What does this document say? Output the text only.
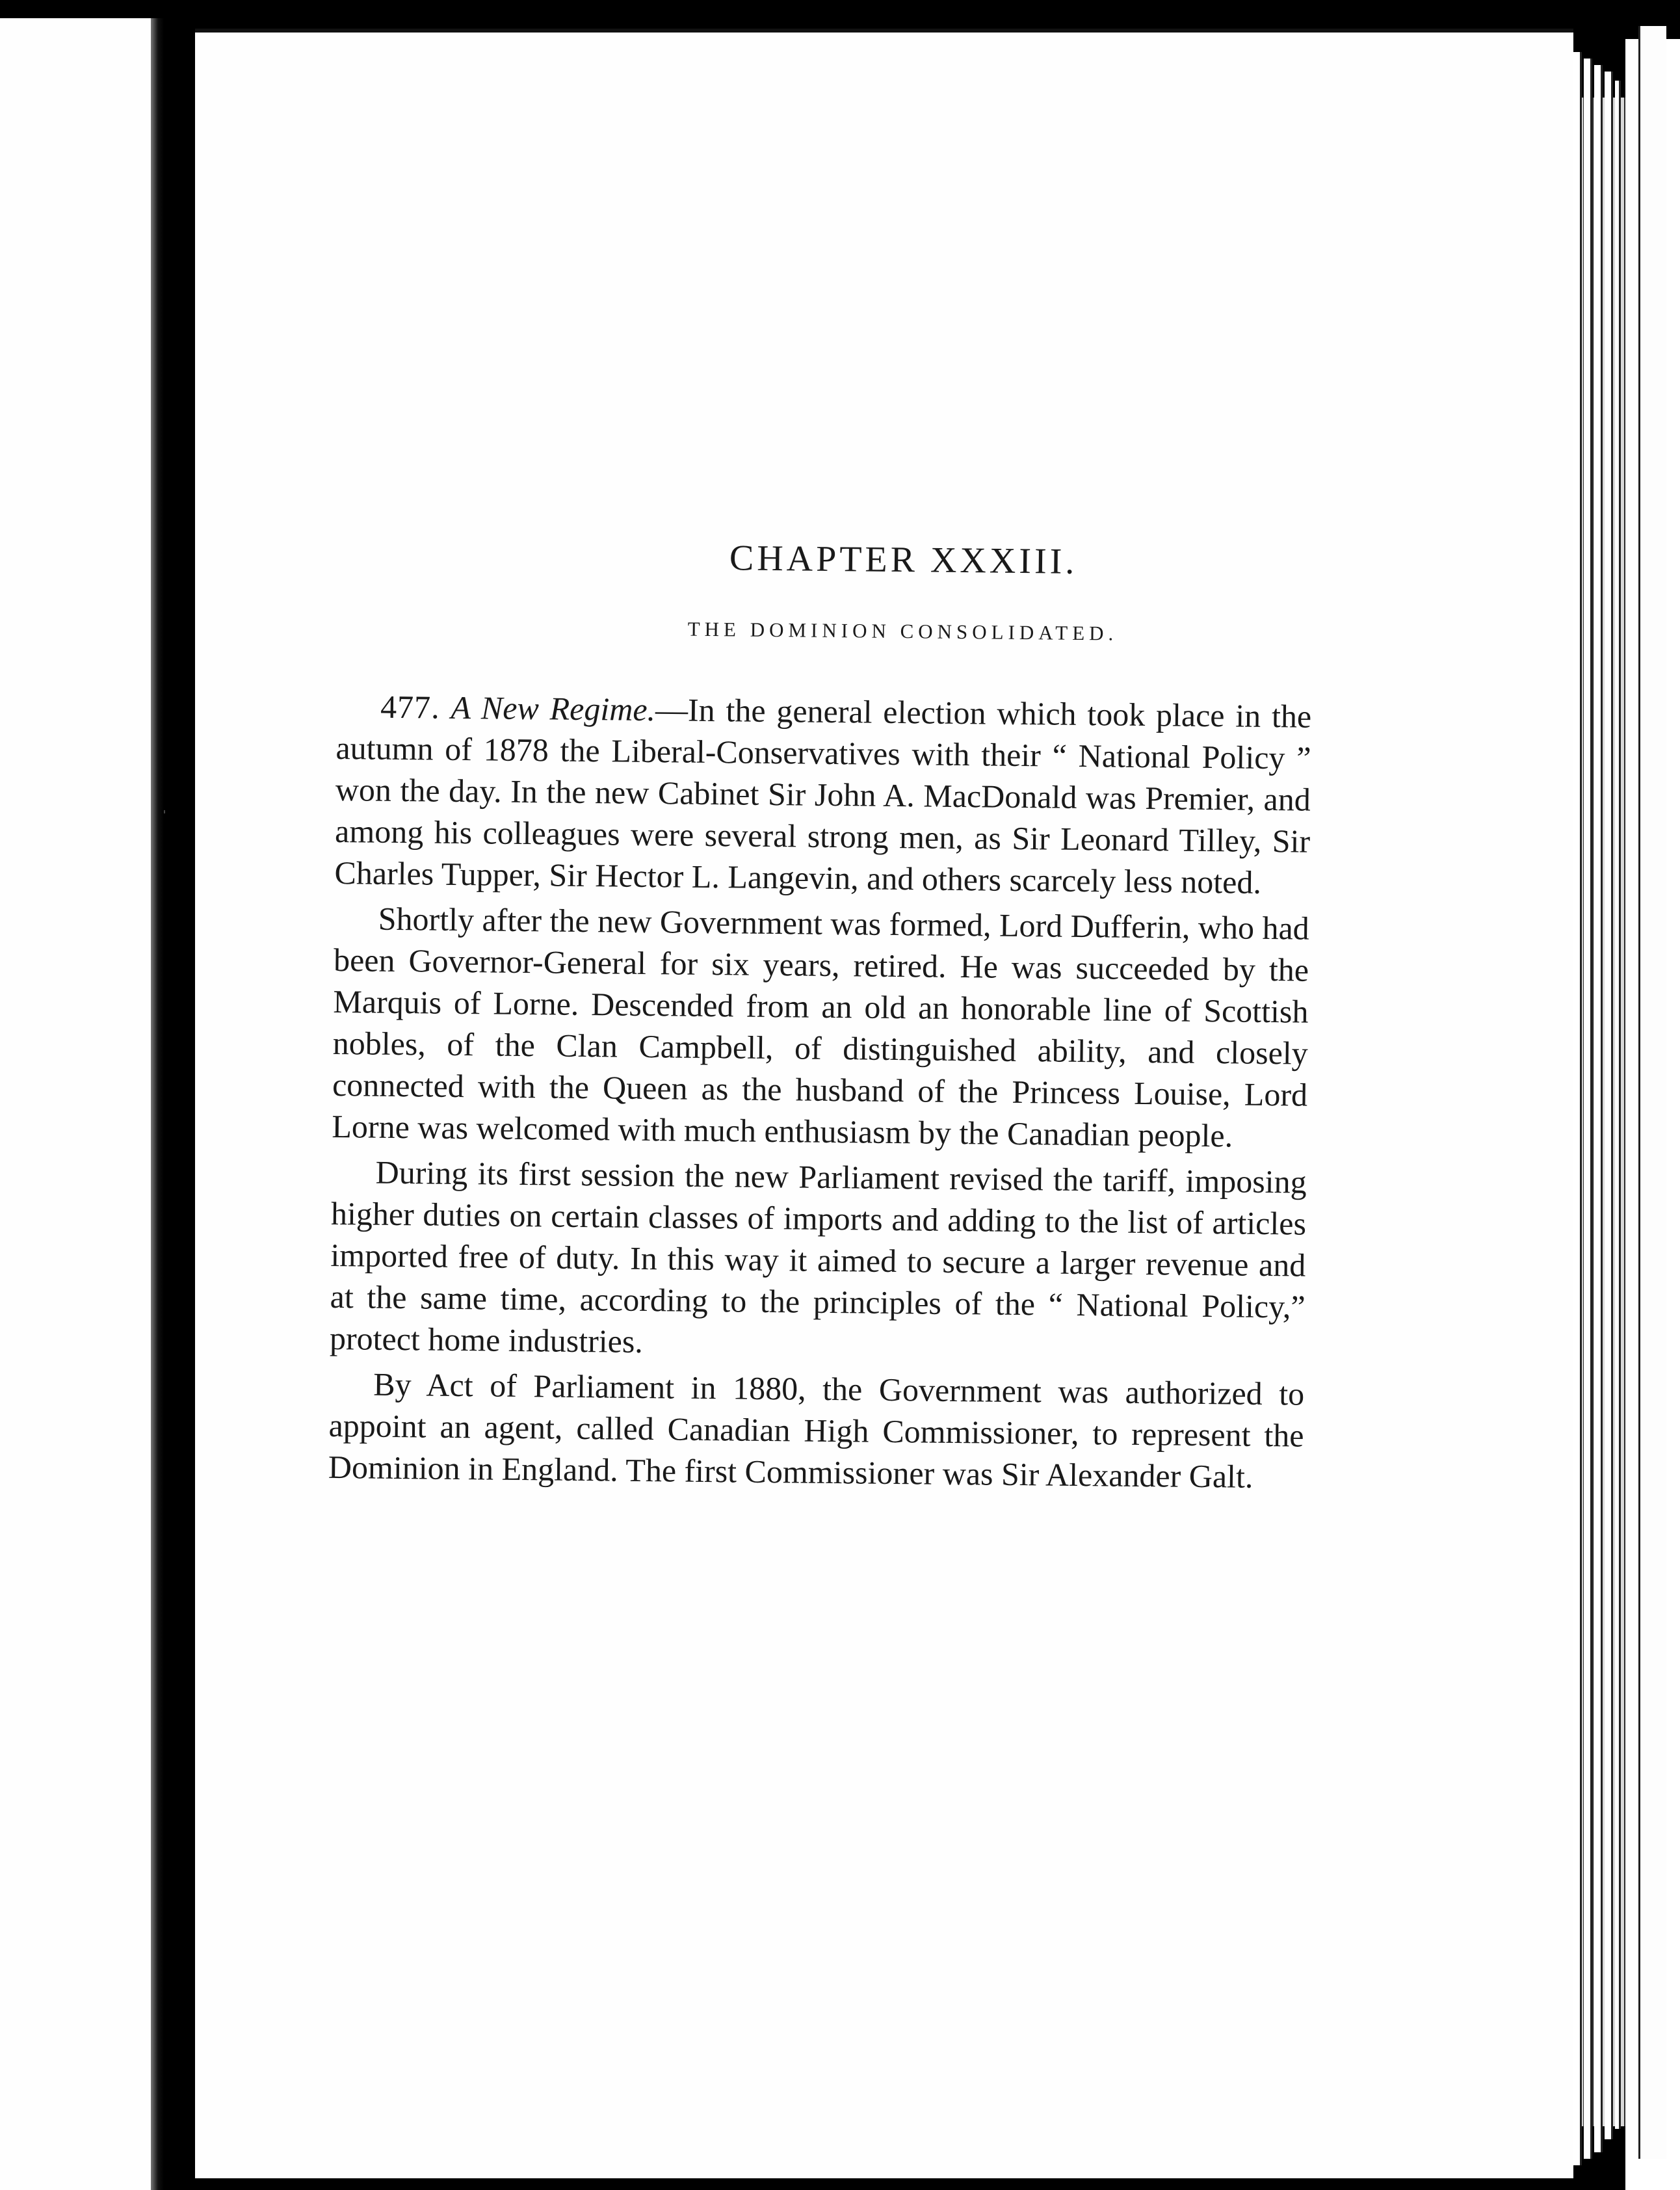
CHAPTER XXXIII.
THE DOMINION CONSOLIDATED.

477. A New Regime.—In the general election which took place in the autumn of 1878 the Liberal-Conservatives with their “ National Policy ” won the day. In the new Cabinet Sir John A. MacDonald was Premier, and among his colleagues were several strong men, as Sir Leonard Tilley, Sir Charles Tupper, Sir Hector L. Langevin, and others scarcely less noted.

Shortly after the new Government was formed, Lord Dufferin, who had been Governor-General for six years, retired. He was succeeded by the Marquis of Lorne. Descended from an old an honorable line of Scottish nobles, of the Clan Campbell, of distinguished ability, and closely connected with the Queen as the husband of the Princess Louise, Lord Lorne was welcomed with much enthusiasm by the Canadian people.

During its first session the new Parliament revised the tariff, imposing higher duties on certain classes of imports and adding to the list of articles imported free of duty. In this way it aimed to secure a larger revenue and at the same time, according to the principles of the “ National Policy,” protect home industries.

By Act of Parliament in 1880, the Government was authorized to appoint an agent, called Canadian High Commissioner, to represent the Dominion in England. The first Commissioner was Sir Alexander Galt.
